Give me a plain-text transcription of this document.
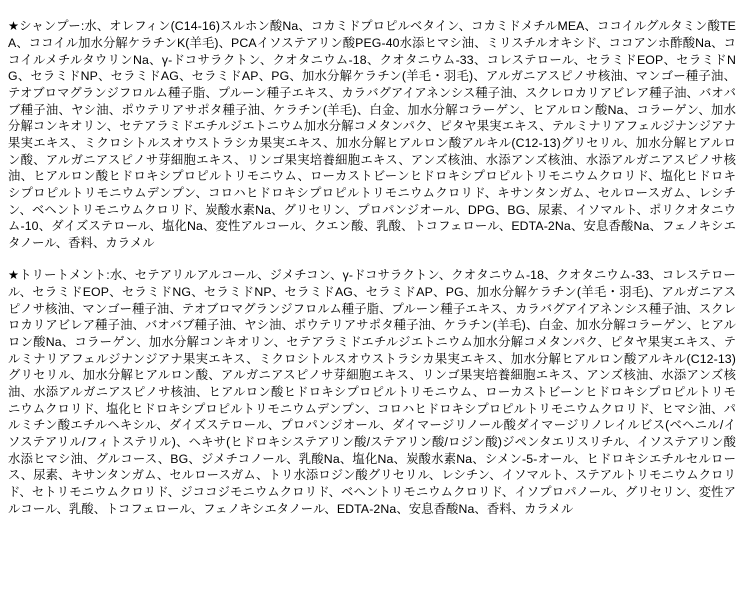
★シャンプー:水、オレフィン(C14-16)スルホン酸Na、コカミドプロピルベタイン、コカミドメチルMEA、ココイルグルタミン酸TEA、ココイル加水分解ケラチンK(羊毛)、PCAイソステアリン酸PEG-40水添ヒマシ油、ミリスチルオキシド、ココアンホ酢酸Na、ココイルメチルタウリンNa、γ-ドコサラクトン、クオタニウム-18、クオタニウム-33、コレステロール、セラミドEOP、セラミドNG、セラミドNP、セラミドAG、セラミドAP、PG、加水分解ケラチン(羊毛・羽毛)、アルガニアスピノサ核油、マンゴー種子油、テオブロマグランジフロルム種子脂、プルーン種子エキス、カラバグアイアネンシス種子油、スクレロカリアビレア種子油、バオバブ種子油、ヤシ油、ポウテリアサポタ種子油、ケラチン(羊毛)、白金、加水分解コラーゲン、ヒアルロン酸Na、コラーゲン、加水分解コンキオリン、セテアラミドエチルジエトニウム加水分解コメタンパク、ピタヤ果実エキス、テルミナリアフェルジナンジアナ果実エキス、ミクロシトルスオウストラシカ果実エキス、加水分解ヒアルロン酸アルキル(C12-13)グリセリル、加水分解ヒアルロン酸、アルガニアスピノサ芽細胞エキス、リンゴ果実培養細胞エキス、アンズ核油、水添アンズ核油、水添アルガニアスピノサ核油、ヒアルロン酸ヒドロキシプロピルトリモニウム、ローカストビーンヒドロキシプロピルトリモニウムクロリド、塩化ヒドロキシプロピルトリモニウムデンプン、コロハヒドロキシプロピルトリモニウムクロリド、キサンタンガム、セルロースガム、レシチン、ベヘントリモニウムクロリド、炭酸水素Na、グリセリン、プロパンジオール、DPG、BG、尿素、イソマルト、ポリクオタニウム-10、ダイズステロール、塩化Na、変性アルコール、クエン酸、乳酸、トコフェロール、EDTA-2Na、安息香酸Na、フェノキシエタノール、香料、カラメル

★トリートメント:水、セテアリルアルコール、ジメチコン、γ-ドコサラクトン、クオタニウム-18、クオタニウム-33、コレステロール、セラミドEOP、セラミドNG、セラミドNP、セラミドAG、セラミドAP、PG、加水分解ケラチン(羊毛・羽毛)、アルガニアスピノサ核油、マンゴー種子油、テオブロマグランジフロルム種子脂、プルーン種子エキス、カラバグアイアネンシス種子油、スクレロカリアビレア種子油、バオバブ種子油、ヤシ油、ポウテリアサポタ種子油、ケラチン(羊毛)、白金、加水分解コラーゲン、ヒアルロン酸Na、コラーゲン、加水分解コンキオリン、セテアラミドエチルジエトニウム加水分解コメタンパク、ピタヤ果実エキス、テルミナリアフェルジナンジアナ果実エキス、ミクロシトルスオウストラシカ果実エキス、加水分解ヒアルロン酸アルキル(C12-13)グリセリル、加水分解ヒアルロン酸、アルガニアスピノサ芽細胞エキス、リンゴ果実培養細胞エキス、アンズ核油、水添アンズ核油、水添アルガニアスピノサ核油、ヒアルロン酸ヒドロキシプロピルトリモニウム、ローカストビーンヒドロキシプロピルトリモニウムクロリド、塩化ヒドロキシプロピルトリモニウムデンプン、コロハヒドロキシプロピルトリモニウムクロリド、ヒマシ油、パルミチン酸エチルヘキシル、ダイズステロール、プロパンジオール、ダイマージリノール酸ダイマージリノレイルビス(ベヘニル/イソステアリル/フィトステリル)、ヘキサ(ヒドロキシステアリン酸/ステアリン酸/ロジン酸)ジペンタエリスリチル、イソステアリン酸水添ヒマシ油、グルコース、BG、ジメチコノール、乳酸Na、塩化Na、炭酸水素Na、シメン-5-オール、ヒドロキシエチルセルロース、尿素、キサンタンガム、セルロースガム、トリ水添ロジン酸グリセリル、レシチン、イソマルト、ステアルトリモニウムクロリド、セトリモニウムクロリド、ジココジモニウムクロリド、ベヘントリモニウムクロリド、イソプロパノール、グリセリン、変性アルコール、乳酸、トコフェロール、フェノキシエタノール、EDTA-2Na、安息香酸Na、香料、カラメル
